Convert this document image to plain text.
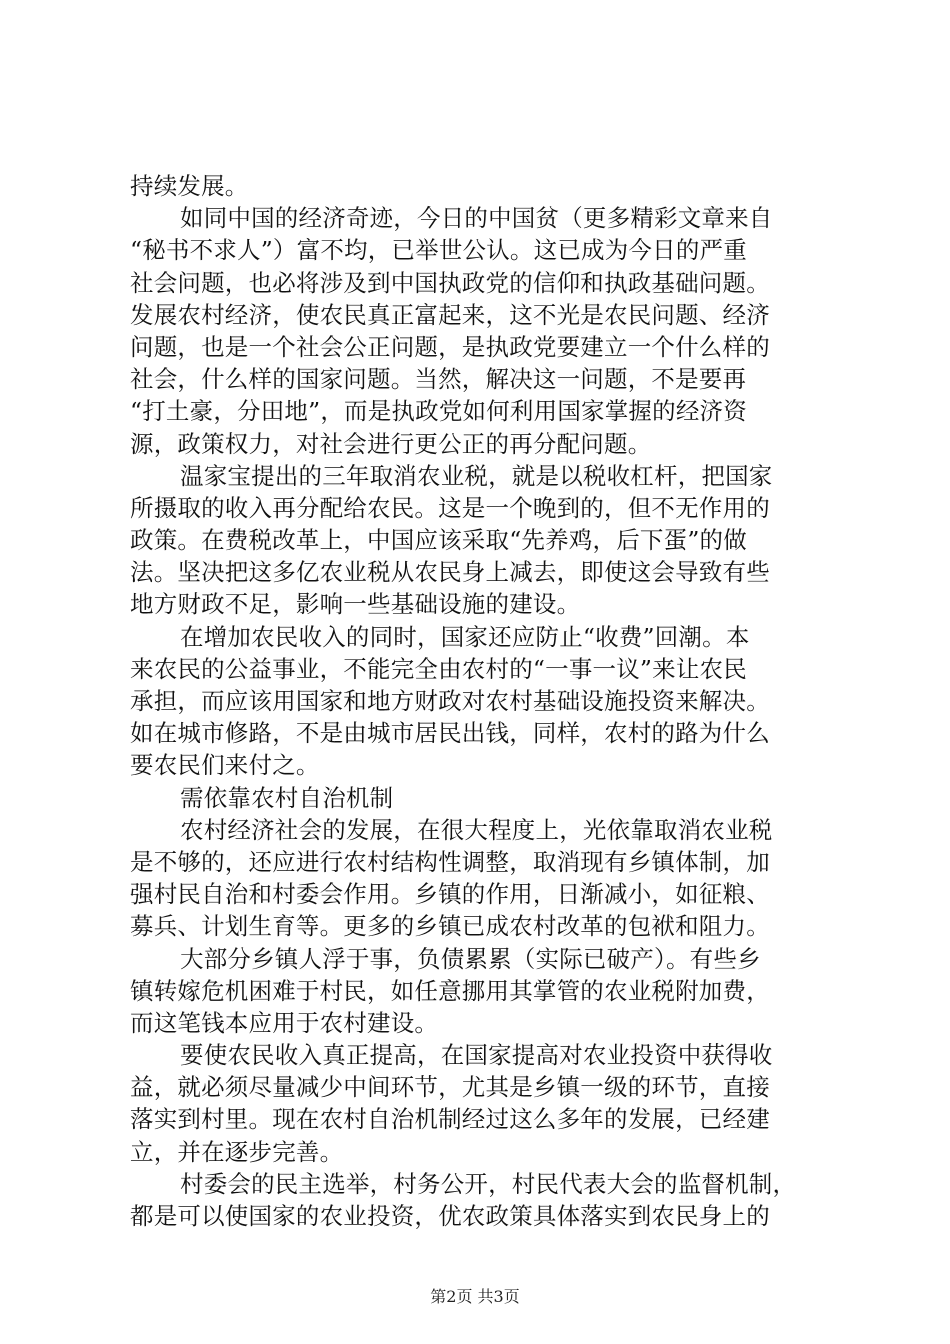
持续发展。
如同中国的经济奇迹，今日的中国贫（更多精彩文章来自
“秘书不求人”）富不均，已举世公认。这已成为今日的严重
社会问题，也必将涉及到中国执政党的信仰和执政基础问题。
发展农村经济，使农民真正富起来，这不光是农民问题、经济
问题，也是一个社会公正问题，是执政党要建立一个什么样的
社会，什么样的国家问题。当然，解决这一问题，不是要再
“打土豪，分田地”，而是执政党如何利用国家掌握的经济资
源，政策权力，对社会进行更公正的再分配问题。
温家宝提出的三年取消农业税，就是以税收杠杆，把国家
所摄取的收入再分配给农民。这是一个晚到的，但不无作用的
政策。在费税改革上，中国应该采取“先养鸡，后下蛋”的做
法。坚决把这多亿农业税从农民身上减去，即使这会导致有些
地方财政不足，影响一些基础设施的建设。
在增加农民收入的同时，国家还应防止“收费”回潮。本
来农民的公益事业，不能完全由农村的“一事一议”来让农民
承担，而应该用国家和地方财政对农村基础设施投资来解决。
如在城市修路，不是由城市居民出钱，同样，农村的路为什么
要农民们来付之。
需依靠农村自治机制
农村经济社会的发展，在很大程度上，光依靠取消农业税
是不够的，还应进行农村结构性调整，取消现有乡镇体制，加
强村民自治和村委会作用。乡镇的作用，日渐减小，如征粮、
募兵、计划生育等。更多的乡镇已成农村改革的包袱和阻力。
大部分乡镇人浮于事，负债累累（实际已破产）。有些乡
镇转嫁危机困难于村民，如任意挪用其掌管的农业税附加费，
而这笔钱本应用于农村建设。
要使农民收入真正提高，在国家提高对农业投资中获得收
益，就必须尽量减少中间环节，尤其是乡镇一级的环节，直接
落实到村里。现在农村自治机制经过这么多年的发展，已经建
立，并在逐步完善。
村委会的民主选举，村务公开，村民代表大会的监督机制，
都是可以使国家的农业投资，优农政策具体落实到农民身上的
第2页 共3页
